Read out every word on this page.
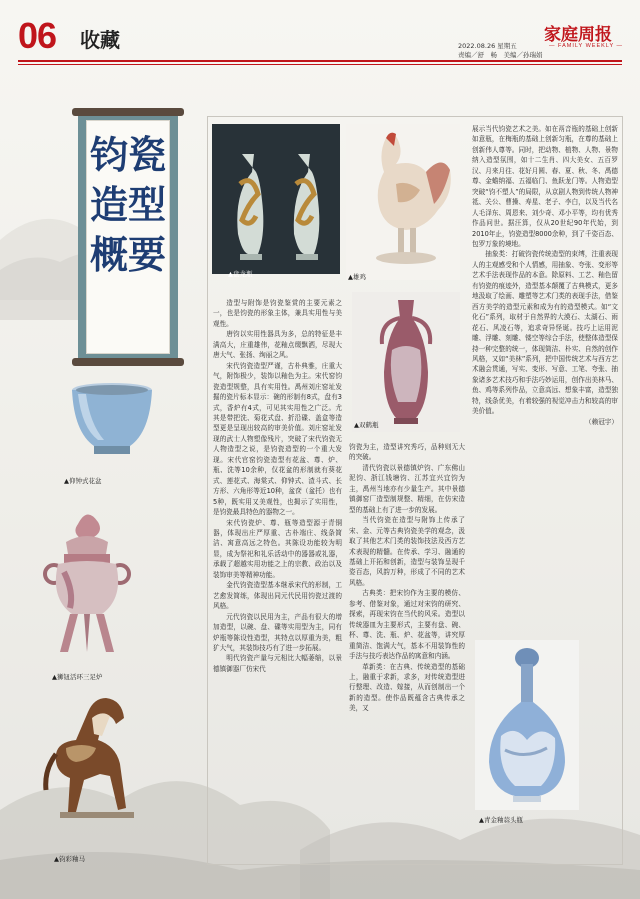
06 收藏	2022.08.26 星期五
责编／舒　畅　美编／孙瑞娟
家庭周报
— FAMILY WEEKLY —
钧瓷造型概要
▲仰钟式花盆
▲狮钮活环三足炉
▲钧彩釉马
▲盘龙瓶	▲雄鸡
▲双鹤瓶
▲青金釉蒜头瓶

造型与附饰是钧瓷鉴赏的主要元素之一，也是钧瓷的形象主体，兼具实用性与美观性。

唐钧以实用性器具为多，总的特征是丰满高大，庄重雄伟，花釉点缀飘洒，尽现大唐大气、张扬、绚丽之风。

宋代钧瓷造型严谨，古朴典雅，庄重大气，附饰极少，装饰以釉色为主。宋代窑钧瓷造型规整，具有实用性。禹州刘庄窑址发掘的瓷片标本显示：碗的形制有8式，盘有3式，香炉有4式，可见其实用性之广泛。尤其是带把洗、菊花式盘、折沿碟、盖盒等造型更是呈现出较高的审美价值。刘庄窑址发现的武士人物塑像残片，突破了宋代钧瓷无人物造型之说，是钧瓷造型的一个重大发现。宋代官窑钧瓷造型有花盆、尊、炉、瓶、洗等10余种，仅花盆的形制就有葵花式、莲花式、海棠式、仰钟式、渣斗式、长方形、六角形等近10种，盆奁（盆托）也有5种，既实用又美观性，也揭示了实用性，是钧瓷最具特色的器物之一。

宋代钧瓷炉、尊、瓶等造型源于青铜器，体现出庄严厚重、古朴端庄、线条简洁、寓意高远之特色。其陈设功能较为明显，成为祭祀和礼乐活动中的器器或礼器，承载了超越实用功能之上的宗教、政治以及装饰审美等精神功能。

金代钧瓷造型基本继承宋代的形制，工艺愈发简练，体现出同元代民用钧瓷过渡的风格。

元代钧瓷以民用为主，产品有很大的增加造型，以碗、盘、碟等实用型为主，同有炉瓶等陈设性造型，其特点以厚重为美，粗犷大气，其装饰技巧有了进一步拓展。

明代钧瓷产量与元相比大幅萎缩，以景德镇御器厂仿宋代

钧瓷为主，造型讲究秀巧，品种则无大的突破。

清代钧瓷以景德镇炉钧、广东佛山泥钧、浙江钱塘钧、江苏宜兴宜钧为主，禹州当地亦有少量生产。其中景德镇御窑厂造型制规整、精细，在仿宋造型的基础上有了进一步的发展。

当代钧瓷在造型与附饰上传承了宋、金、元等古典钧瓷美学的观念，汲取了其他艺术门类的装饰技法及西方艺术表现的精髓。在传承、学习、融通的基础上开拓和创新，造型与装饰呈现千姿百态，风韵万种，形成了不同的艺术风格。

古典类：把宋钧作为主要的模仿、参考、借鉴对象，通过对宋钧的研究、探索，再现宋钧在当代的风采。造型以传统器皿为主要形式，主要有盘、碗、杯、尊、洗、瓶、炉、花盆等，讲究厚重简洁、饱满大气，基本不用装饰性的手法与技巧表达作品的寓意和内涵。

革新类：在古典、传统造型的基础上，融重于求新，求多，对传统造型进行整理、改造、嫁接，从而创制出一个新的造型。使作品既蕴含古典传承之美，又

展示当代钧瓷艺术之美。如在鬲音瓶的基础上创新如意瓶，在梅瓶的基础上创新匀瓶，在尊的基础上创新伟人尊等。同时，把动物、植物、人物、景物纳入造型氛围，如十二生肖、四大美女、五百罗汉、月来月往、花好月圆、春、夏、秋、冬、禹德尊、金蟾纳福、五福临门、鱼跃龙门等。人物造型突破“钧不塑人”的局限，从京剧人物到传统人物神祗、关公、曹操、寿星、老子、李白，以及当代名人毛泽东、周恩来、刘少奇、邓小平等，均有优秀作品问世。据汪算，仅从20世纪90年代始，到2010年止，钧瓷造型8000余种，到了千姿百态、包罗万象的境地。

抽象类：打破钧瓷传统造型的束缚，注重表现人的主观感受和个人情感，用抽象、夸张、变形等艺术手法表现作品的本意。除原料、工艺、釉色留有钧瓷的痕迹外，造型基本颠覆了古典模式，更多地汲取了绘画、雕塑等艺术门类的表现手法，借鉴西方美学的造型元素和成为有的造型模式。如“文化石”系列，取材于自然界的大漠石、太湖石、雨花石、风凌石等，追求奇异怪诞。技巧上运用泥雕、浮雕、刻雕、镂空等综合手法，使整体造型保持一种完整的统一，体现简洁、朴实、自然的创作风格，又如“美林”系列，把中国传统艺术与西方艺术融会贯通，写实、变形、写意、工笔、夸张、抽象诸多艺术技巧和手法巧妙运用，创作出美林马、鱼、鸡等系列作品，立意高远、想象丰富，造型独特，线条优美，有着较强的视觉冲击力和较高的审美价值。

（赖冠宇）
